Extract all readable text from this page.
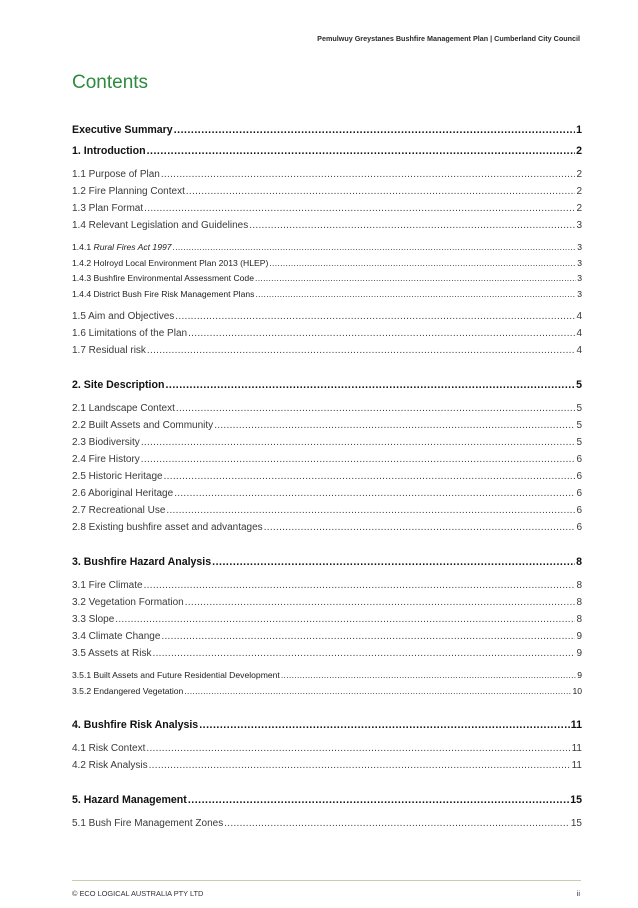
Pemulwuy Greystanes Bushfire Management Plan | Cumberland City Council
Contents
Executive Summary .....	1
1. Introduction .....	2
1.1 Purpose of Plan .....	2
1.2 Fire Planning Context .....	2
1.3 Plan Format .....	2
1.4 Relevant Legislation and Guidelines .....	3
1.4.1 Rural Fires Act 1997 .....	3
1.4.2 Holroyd Local Environment Plan 2013 (HLEP) .....	3
1.4.3 Bushfire Environmental Assessment Code .....	3
1.4.4 District Bush Fire Risk Management Plans .....	3
1.5 Aim and Objectives .....	4
1.6 Limitations of the Plan .....	4
1.7 Residual risk .....	4
2. Site Description .....	5
2.1 Landscape Context .....	5
2.2 Built Assets and Community .....	5
2.3 Biodiversity .....	5
2.4 Fire History .....	6
2.5 Historic Heritage .....	6
2.6 Aboriginal Heritage .....	6
2.7 Recreational Use .....	6
2.8 Existing bushfire asset and advantages .....	6
3. Bushfire Hazard Analysis .....	8
3.1 Fire Climate .....	8
3.2 Vegetation Formation .....	8
3.3 Slope .....	8
3.4 Climate Change .....	9
3.5 Assets at Risk .....	9
3.5.1 Built Assets and Future Residential Development .....	9
3.5.2 Endangered Vegetation .....	10
4. Bushfire Risk Analysis .....	11
4.1 Risk Context .....	11
4.2 Risk Analysis .....	11
5. Hazard Management .....	15
5.1 Bush Fire Management Zones .....	15
© ECO LOGICAL AUSTRALIA PTY LTD	ii
